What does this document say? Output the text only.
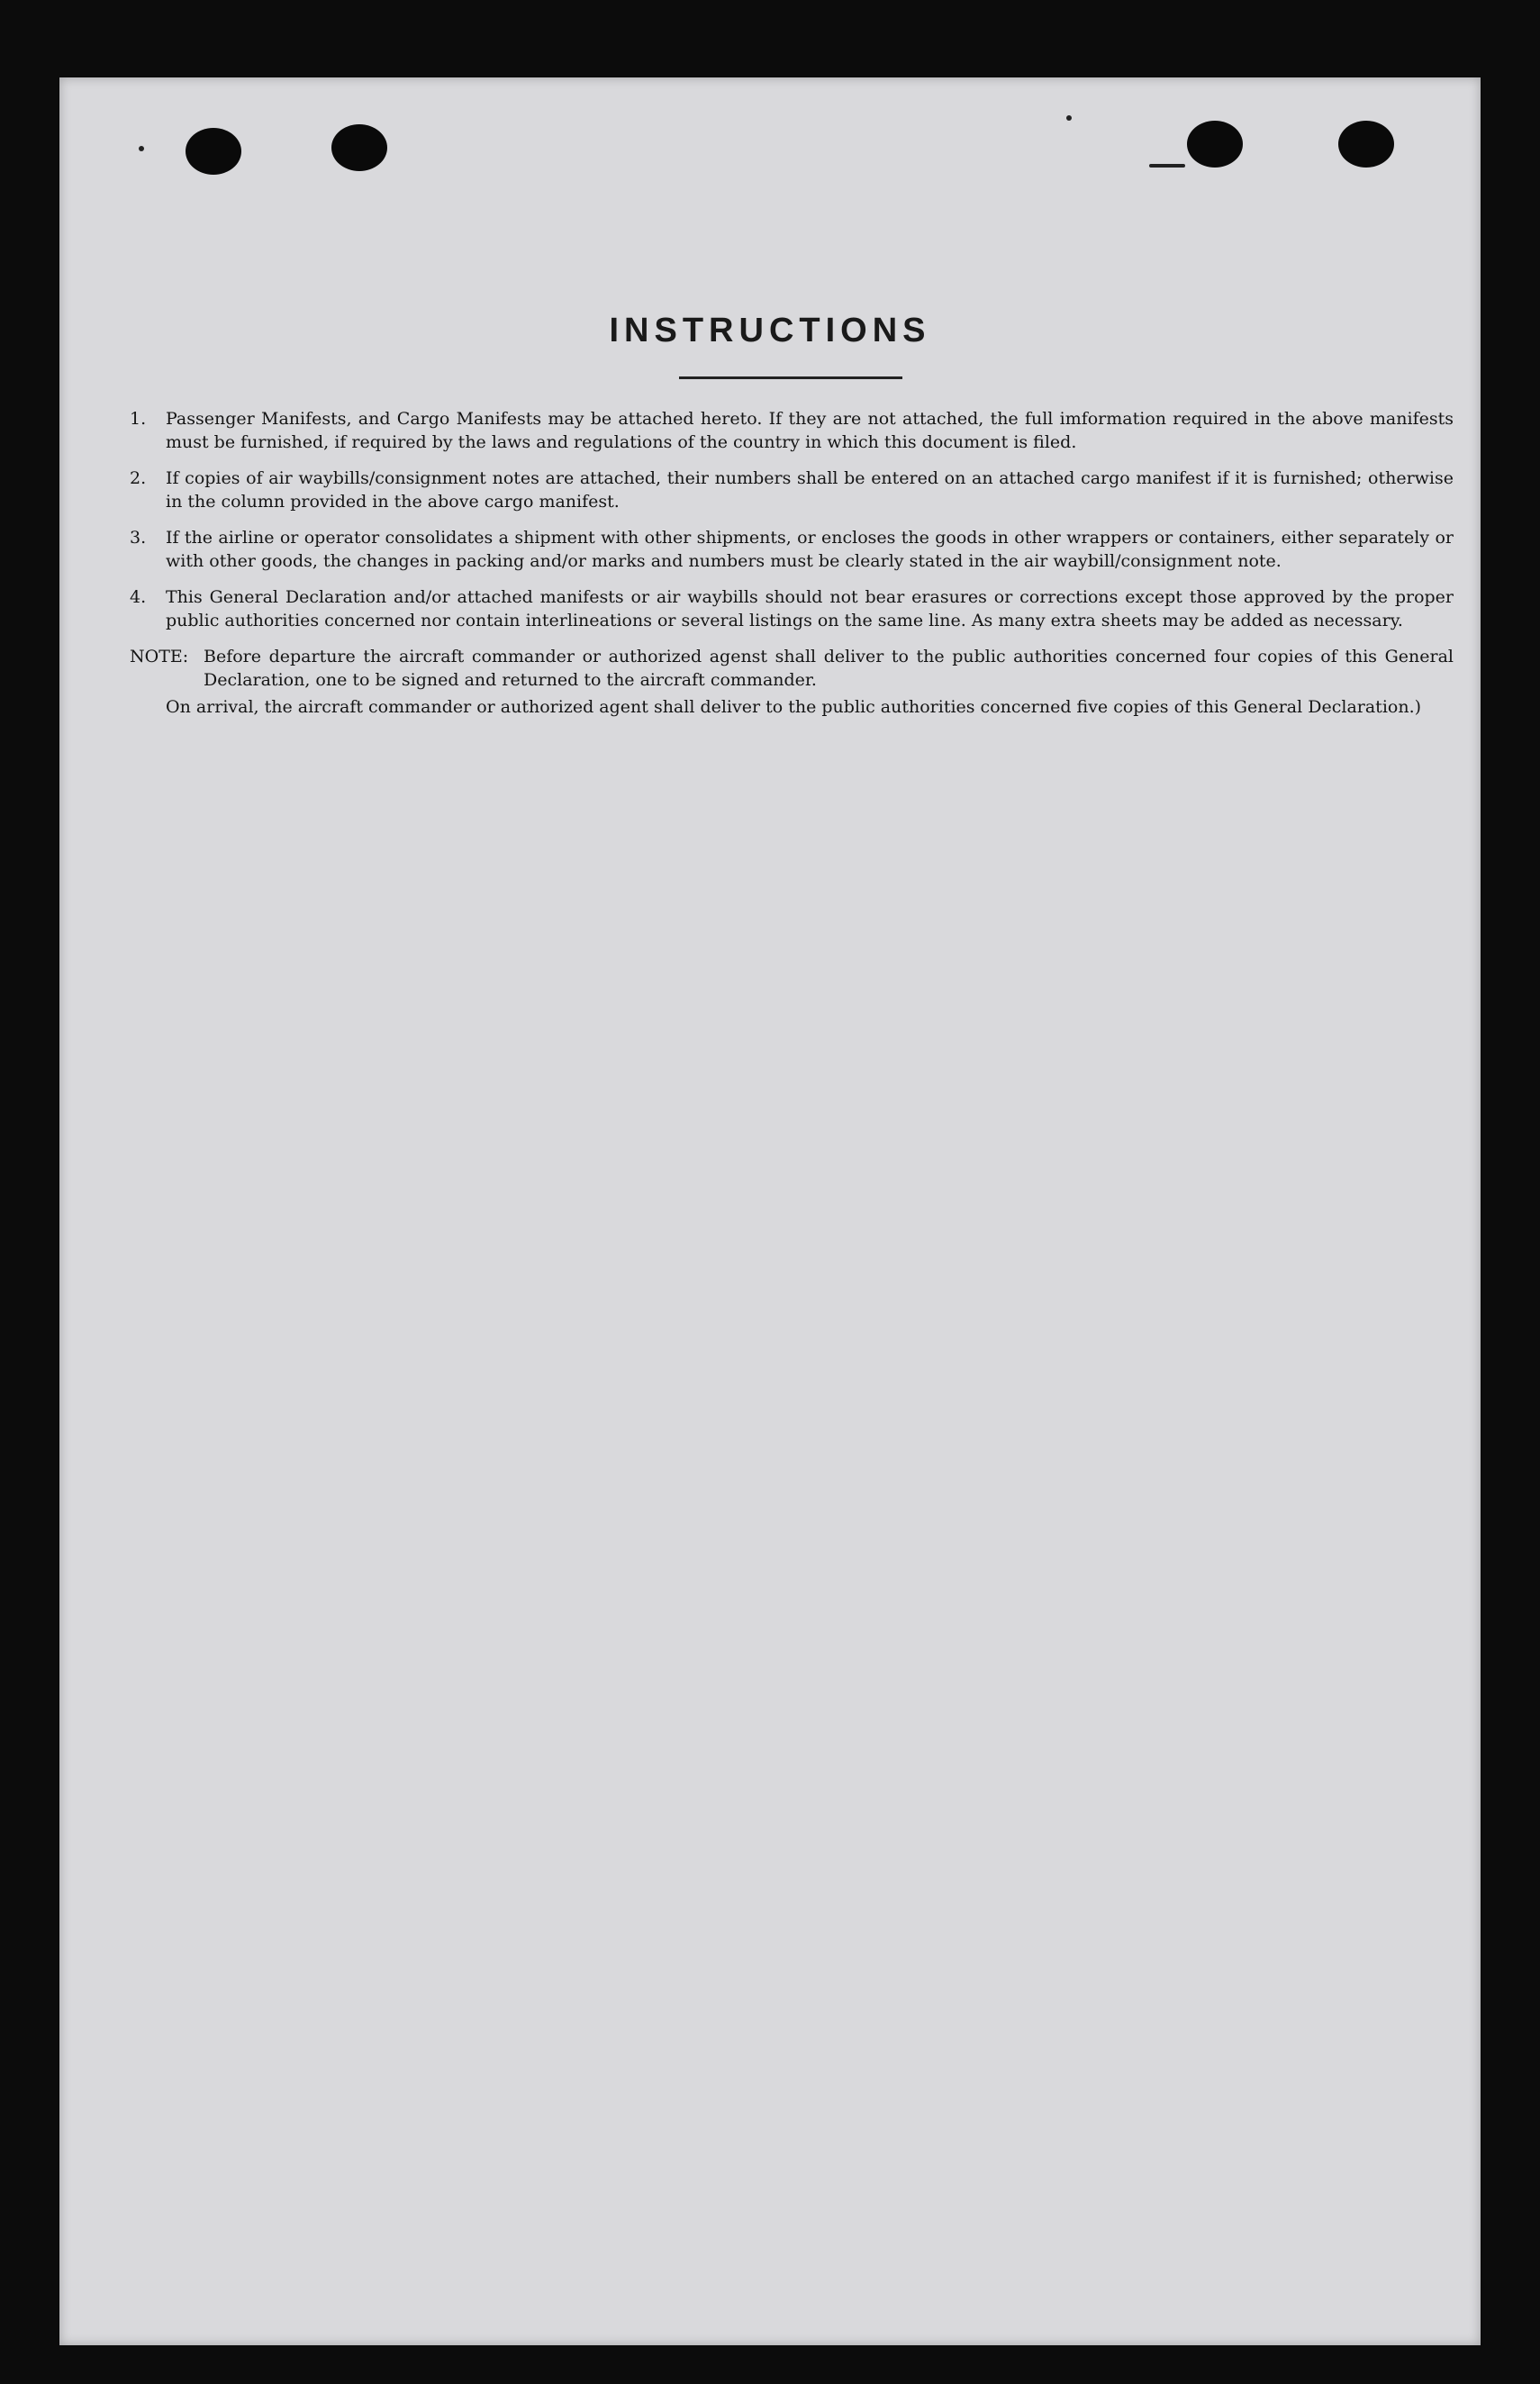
INSTRUCTIONS
1.	Passenger Manifests, and Cargo Manifests may be attached hereto. If they are not attached, the full imformation required in the above manifests must be furnished, if required by the laws and regulations of the country in which this document is filed.
2.	If copies of air waybills/consignment notes are attached, their numbers shall be entered on an attached cargo manifest if it is furnished; otherwise in the column provided in the above cargo manifest.
3.	If the airline or operator consolidates a shipment with other shipments, or encloses the goods in other wrappers or containers, either separately or with other goods, the changes in packing and/or marks and numbers must be clearly stated in the air waybill/consignment note.
4.	This General Declaration and/or attached manifests or air waybills should not bear erasures or corrections except those approved by the proper public authorities concerned nor contain interlineations or several listings on the same line. As many extra sheets may be added as necessary.
NOTE: Before departure the aircraft commander or authorized agenst shall deliver to the public authorities concerned four copies of this General Declaration, one to be signed and returned to the aircraft commander.

On arrival, the aircraft commander or authorized agent shall deliver to the public authorities concerned five copies of this General Declaration.)
